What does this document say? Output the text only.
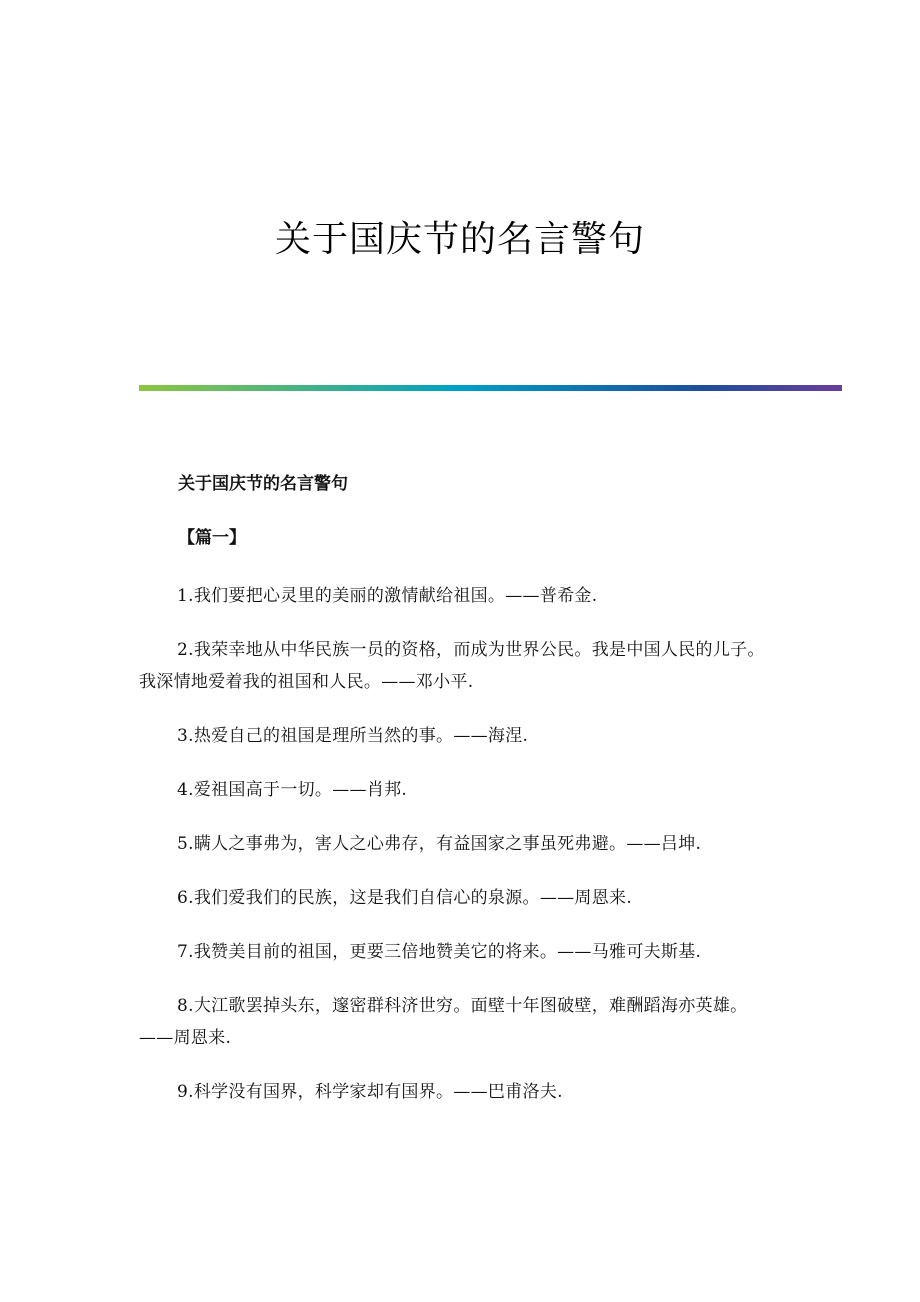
关于国庆节的名言警句
关于国庆节的名言警句
【篇一】

1.我们要把心灵里的美丽的激情献给祖国。——普希金.

2.我荣幸地从中华民族一员的资格，而成为世界公民。我是中国人民的儿子。我深情地爱着我的祖国和人民。——邓小平.

3.热爱自己的祖国是理所当然的事。——海涅.

4.爱祖国高于一切。——肖邦.

5.瞒人之事弗为，害人之心弗存，有益国家之事虽死弗避。——吕坤.

6.我们爱我们的民族，这是我们自信心的泉源。——周恩来.

7.我赞美目前的祖国，更要三倍地赞美它的将来。——马雅可夫斯基.

8.大江歌罢掉头东，邃密群科济世穷。面壁十年图破壁，难酬蹈海亦英雄。——周恩来.

9.科学没有国界，科学家却有国界。——巴甫洛夫.
